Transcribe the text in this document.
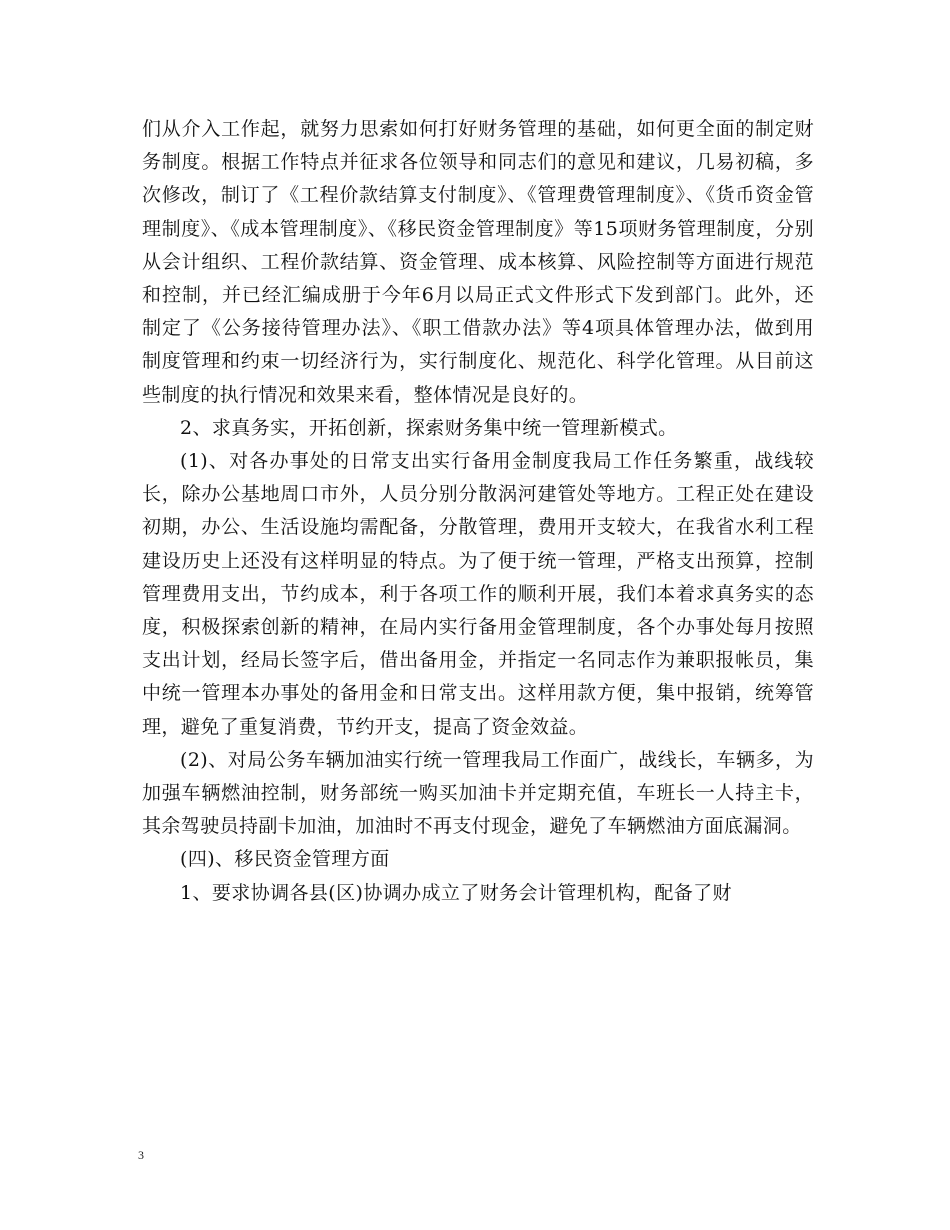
们从介入工作起，就努力思索如何打好财务管理的基础，如何更全面的制定财务制度。根据工作特点并征求各位领导和同志们的意见和建议，几易初稿，多次修改，制订了《工程价款结算支付制度》、《管理费管理制度》、《货币资金管理制度》、《成本管理制度》、《移民资金管理制度》等15项财务管理制度，分别从会计组织、工程价款结算、资金管理、成本核算、风险控制等方面进行规范和控制，并已经汇编成册于今年6月以局正式文件形式下发到部门。此外，还制定了《公务接待管理办法》、《职工借款办法》等4项具体管理办法，做到用制度管理和约束一切经济行为，实行制度化、规范化、科学化管理。从目前这些制度的执行情况和效果来看，整体情况是良好的。

2、求真务实，开拓创新，探索财务集中统一管理新模式。

(1)、对各办事处的日常支出实行备用金制度我局工作任务繁重，战线较长，除办公基地周口市外，人员分别分散涡河建管处等地方。工程正处在建设初期，办公、生活设施均需配备，分散管理，费用开支较大，在我省水利工程建设历史上还没有这样明显的特点。为了便于统一管理，严格支出预算，控制管理费用支出，节约成本，利于各项工作的顺利开展，我们本着求真务实的态度，积极探索创新的精神，在局内实行备用金管理制度，各个办事处每月按照支出计划，经局长签字后，借出备用金，并指定一名同志作为兼职报帐员，集中统一管理本办事处的备用金和日常支出。这样用款方便，集中报销，统筹管理，避免了重复消费，节约开支，提高了资金效益。

(2)、对局公务车辆加油实行统一管理我局工作面广，战线长，车辆多，为加强车辆燃油控制，财务部统一购买加油卡并定期充值，车班长一人持主卡，其余驾驶员持副卡加油，加油时不再支付现金，避免了车辆燃油方面底漏洞。

(四)、移民资金管理方面

1、要求协调各县(区)协调办成立了财务会计管理机构，配备了财

3
